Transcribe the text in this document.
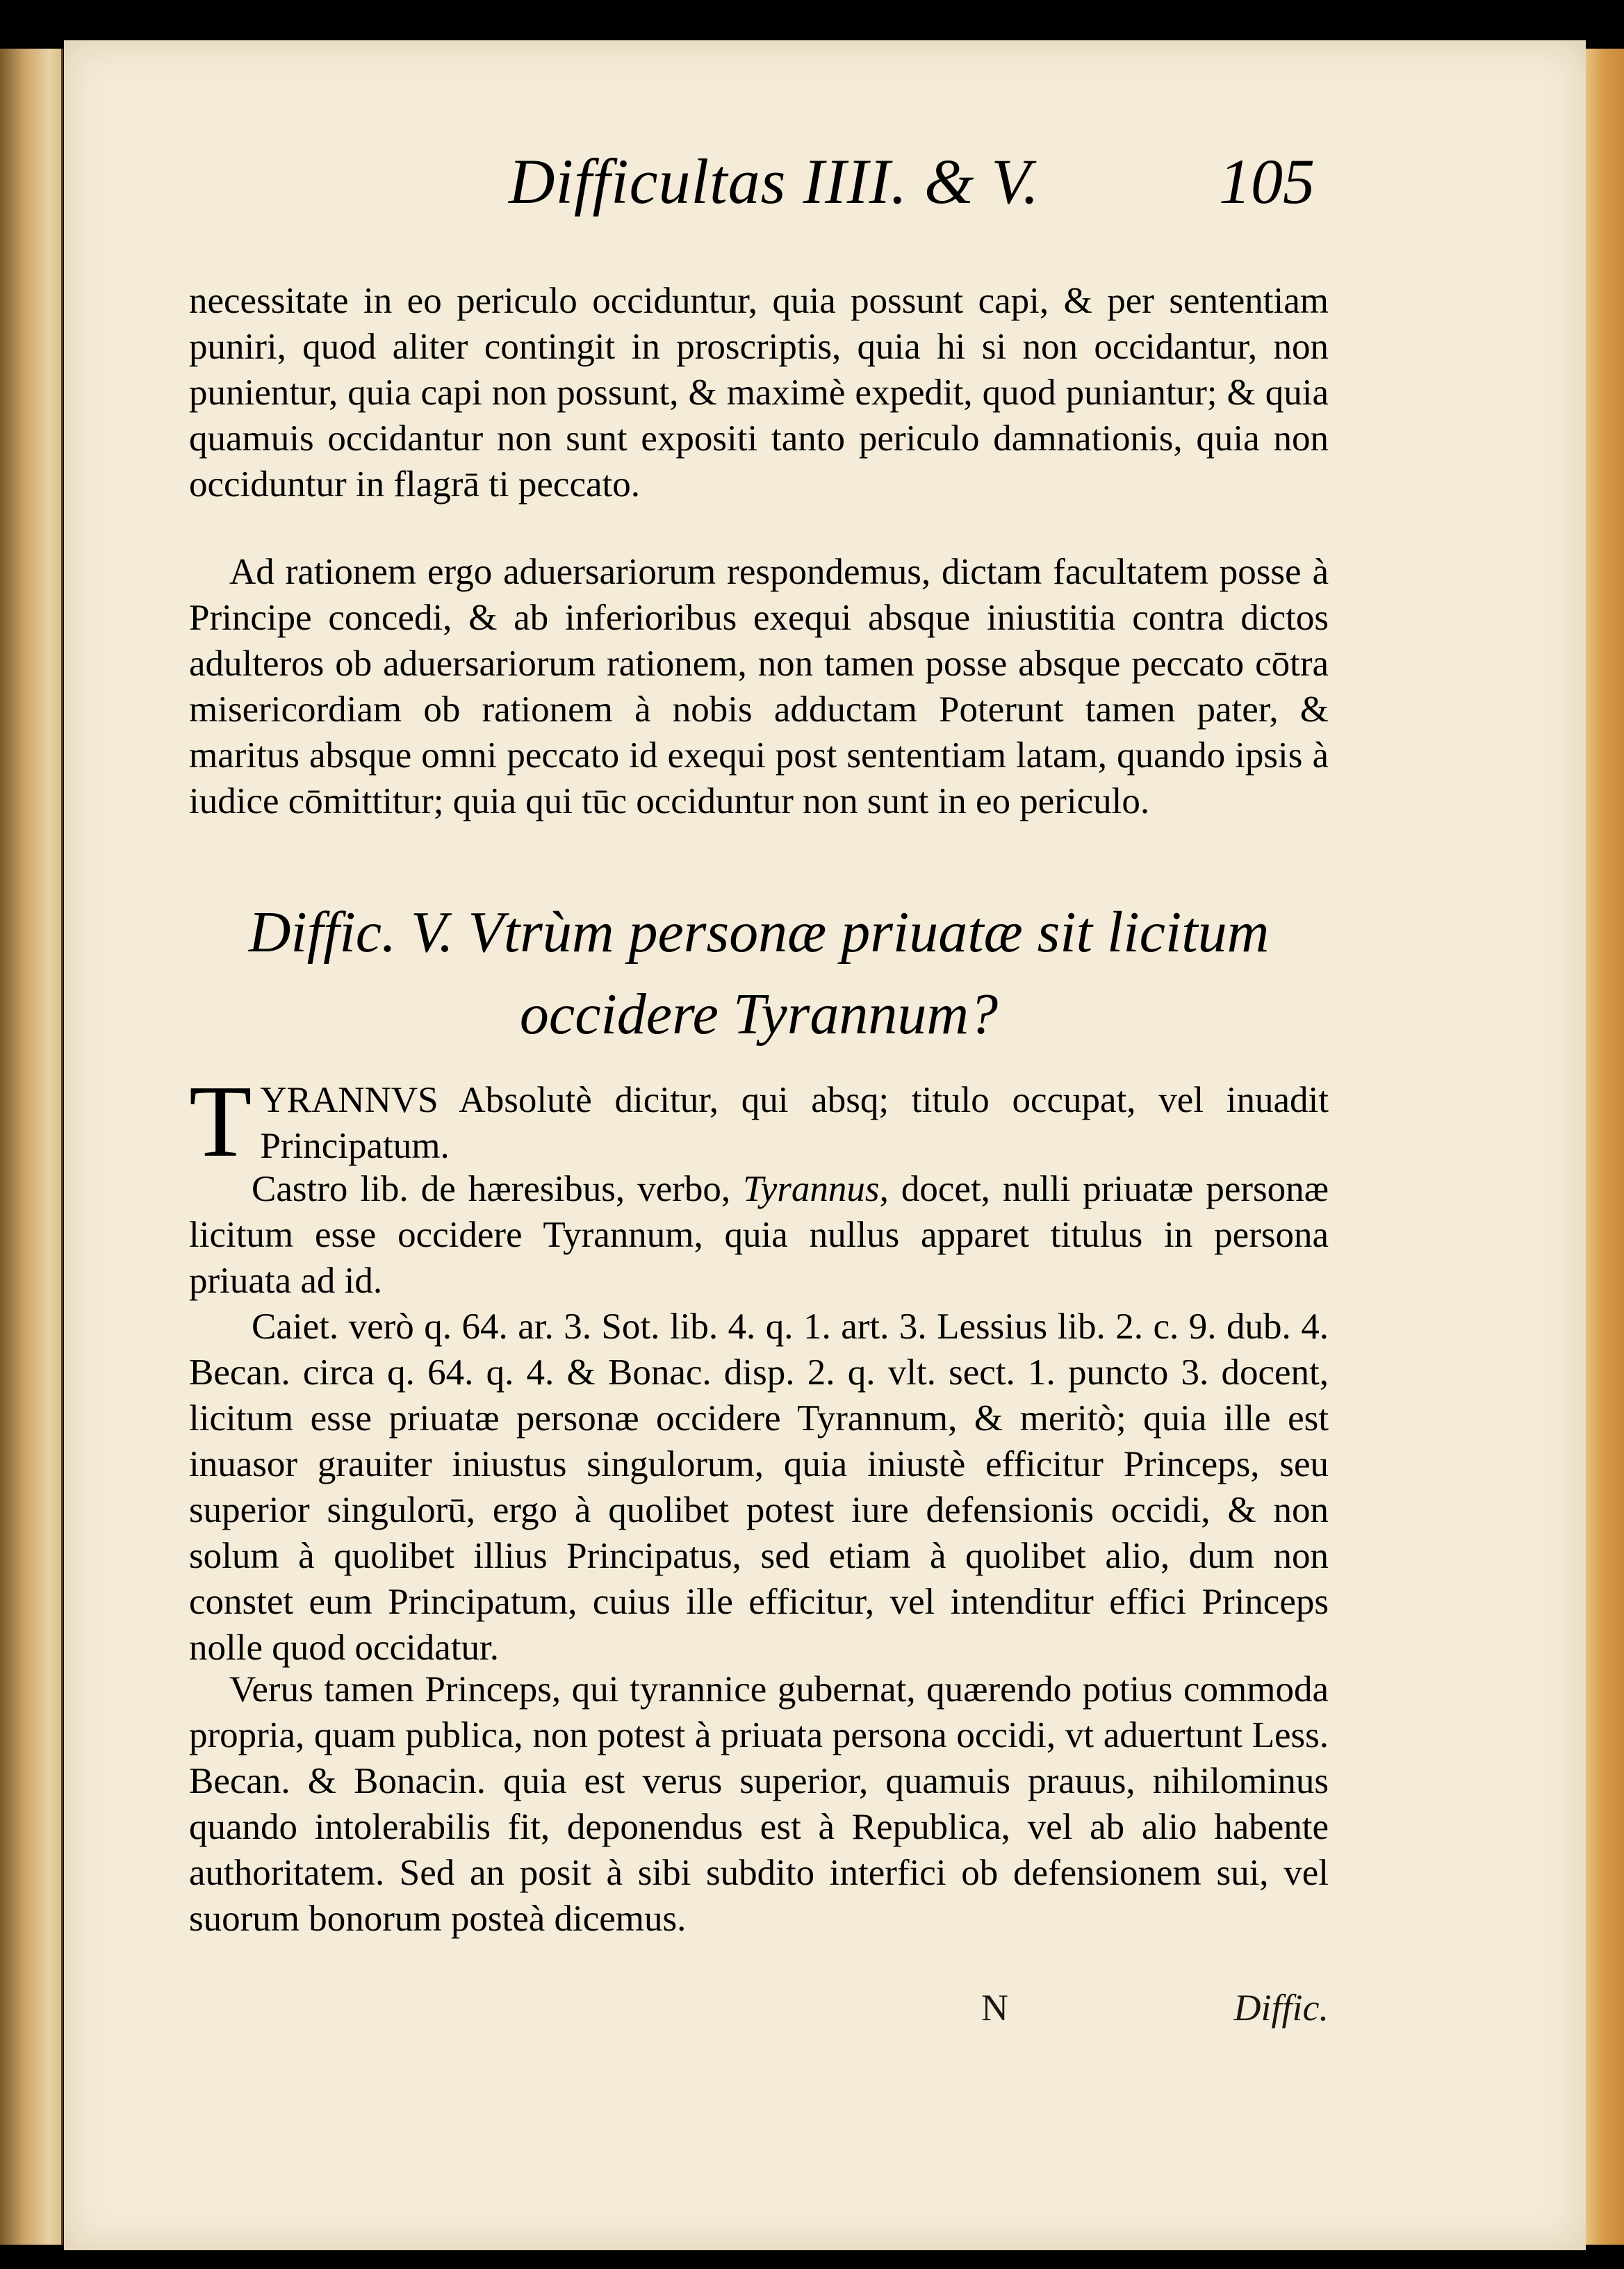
Difficultas IIII. & V.	105
necessitate in eo periculo occiduntur, quia possunt capi, & per sententiam puniri, quod aliter contingit in proscriptis, quia hi si non occidantur, non punientur, quia capi non possunt, & maximè expedit, quod puniantur; & quia quamuis occidantur non sunt expositi tanto periculo damnationis, quia non occiduntur in flagrā ti peccato.
Ad rationem ergo aduersariorum respondemus, dictam facultatem posse à Principe concedi, & ab inferioribus exequi absque iniustitia contra dictos adulteros ob aduersariorum rationem, non tamen posse absque peccato cōtra misericordiam ob rationem à nobis adductam Poterunt tamen pater, & maritus absque omni peccato id exequi post sententiam latam, quando ipsis à iudice cōmittitur; quia qui tūc occiduntur non sunt in eo periculo.
Diffic. V. Vtrùm personæ priuatæ sit licitum occidere Tyrannum?
TYRANNVS Absolutè dicitur, qui absq; titulo occupat, vel inuadit Principatum.
Castro lib. de hæresibus, verbo, Tyrannus, docet, nulli priuatæ personæ licitum esse occidere Tyrannum, quia nullus apparet titulus in persona priuata ad id.
Caiet. verò q. 64. ar. 3. Sot. lib. 4. q. 1. art. 3. Lessius lib. 2. c. 9. dub. 4. Becan. circa q. 64. q. 4. & Bonac. disp. 2. q. vlt. sect. 1. puncto 3. docent, licitum esse priuatæ personæ occidere Tyrannum, & meritò; quia ille est inuasor grauiter iniustus singulorum, quia iniustè efficitur Princeps, seu superior singulorū, ergo à quolibet potest iure defensionis occidi, & non solum à quolibet illius Principatus, sed etiam à quolibet alio, dum non constet eum Principatum, cuius ille efficitur, vel intenditur effici Princeps nolle quod occidatur.
Verus tamen Princeps, qui tyrannice gubernat, quærendo potius commoda propria, quam publica, non potest à priuata persona occidi, vt aduertunt Less. Becan. & Bonacin. quia est verus superior, quamuis prauus, nihilominus quando intolerabilis fit, deponendus est à Republica, vel ab alio habente authoritatem. Sed an posit à sibi subdito interfici ob defensionem sui, vel suorum bonorum posteà dicemus.
N	Diffic.
